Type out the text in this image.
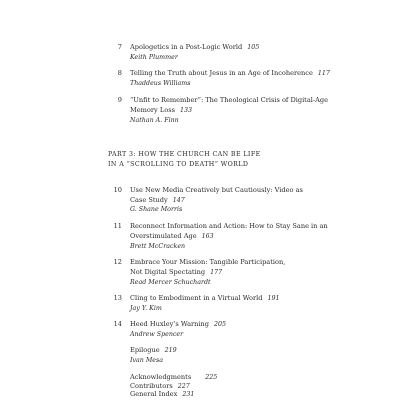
7 Apologetics in a Post-Logic World 105
Keith Plummer
8 Telling the Truth about Jesus in an Age of Incoherence 117
Thaddeus Williams
9 “Unfit to Remember”: The Theological Crisis of Digital-Age
Memory Loss 133
Nathan A. Finn
PART 3: HOW THE CHURCH CAN BE LIFE
IN A “SCROLLING TO DEATH” WORLD
10 Use New Media Creatively but Cautiously: Video as
Case Study 147
G. Shane Morris
11 Reconnect Information and Action: How to Stay Sane in an
Overstimulated Age 163
Brett McCracken
12 Embrace Your Mission: Tangible Participation,
Not Digital Spectating 177
Read Mercer Schuchardt
13 Cling to Embodiment in a Virtual World 191
Jay Y. Kim
14 Heed Huxley’s Warning 205
Andrew Spencer
Epilogue 219
Ivan Mesa
Acknowledgments 225
Contributors 227
General Index 231
